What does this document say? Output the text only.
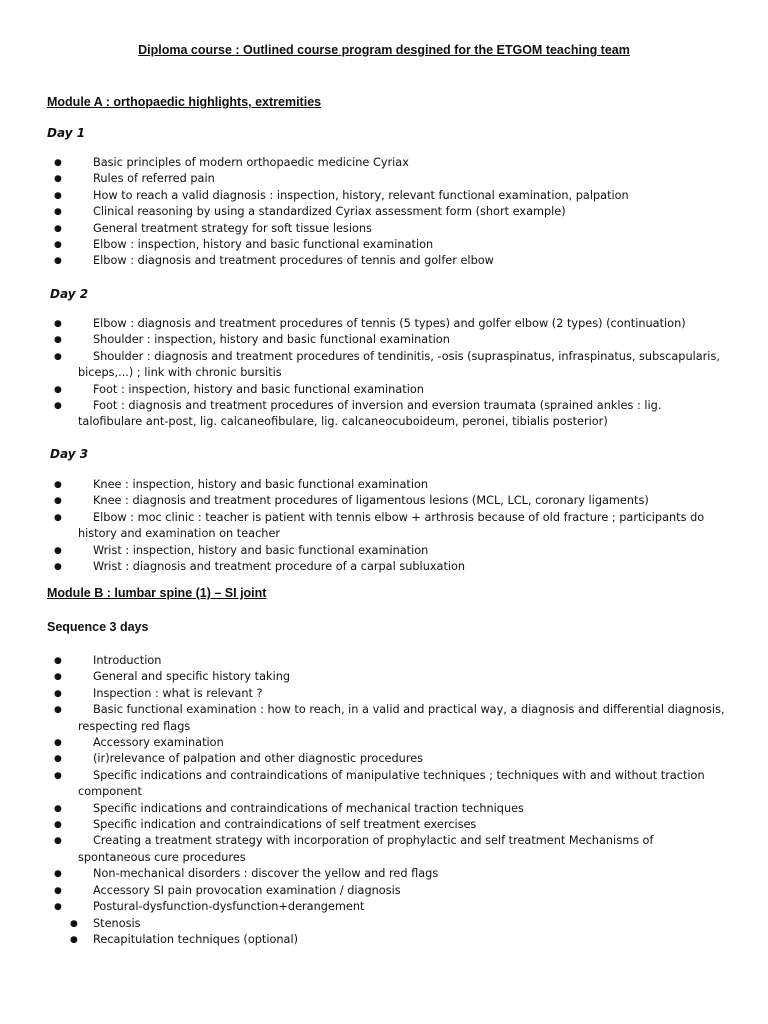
Diploma course : Outlined course program desgined for the ETGOM teaching team
Module A : orthopaedic highlights, extremities
Day 1
●	Basic principles of modern orthopaedic medicine Cyriax
●	Rules of referred pain
●	How to reach a valid diagnosis : inspection, history, relevant functional examination, palpation
●	Clinical reasoning by using a standardized Cyriax assessment form (short example)
●	General treatment strategy for soft tissue lesions
●	Elbow : inspection, history and basic functional examination
●	Elbow : diagnosis and treatment procedures of tennis and golfer elbow
Day 2
●	Elbow : diagnosis and treatment procedures of tennis (5 types) and golfer elbow (2 types) (continuation)
●	Shoulder : inspection, history and basic functional examination
●	Shoulder : diagnosis and treatment procedures of tendinitis, -osis (supraspinatus, infraspinatus, subscapularis, biceps,...) ; link with chronic bursitis
●	Foot : inspection, history and basic functional examination
●	Foot : diagnosis and treatment procedures of inversion and eversion traumata (sprained ankles : lig. talofibulare ant-post, lig. calcaneofibulare, lig. calcaneocuboideum, peronei, tibialis posterior)
Day 3
●	Knee : inspection, history and basic functional examination
●	Knee : diagnosis and treatment procedures of ligamentous lesions (MCL, LCL, coronary ligaments)
●	Elbow : moc clinic : teacher is patient with tennis elbow + arthrosis because of old fracture ; participants do history and examination on teacher
●	Wrist : inspection, history and basic functional examination
●	Wrist : diagnosis and treatment procedure of a carpal subluxation
Module B : lumbar spine (1) – SI joint
Sequence 3 days
●	Introduction
●	General and specific history taking
●	Inspection : what is relevant ?
●	Basic functional examination : how to reach, in a valid and practical way, a diagnosis and differential diagnosis, respecting red flags
●	Accessory examination
●	(ir)relevance of palpation and other diagnostic procedures
●	Specific indications and contraindications of manipulative techniques ; techniques with and without traction component
●	Specific indications and contraindications of mechanical traction techniques
●	Specific indication and contraindications of self treatment exercises
●	Creating a treatment strategy with incorporation of prophylactic and self treatment Mechanisms of spontaneous cure procedures
●	Non-mechanical disorders : discover the yellow and red flags
●	Accessory SI pain provocation examination / diagnosis
●	Postural-dysfunction-dysfunction+derangement
● Stenosis
● Recapitulation techniques (optional)
